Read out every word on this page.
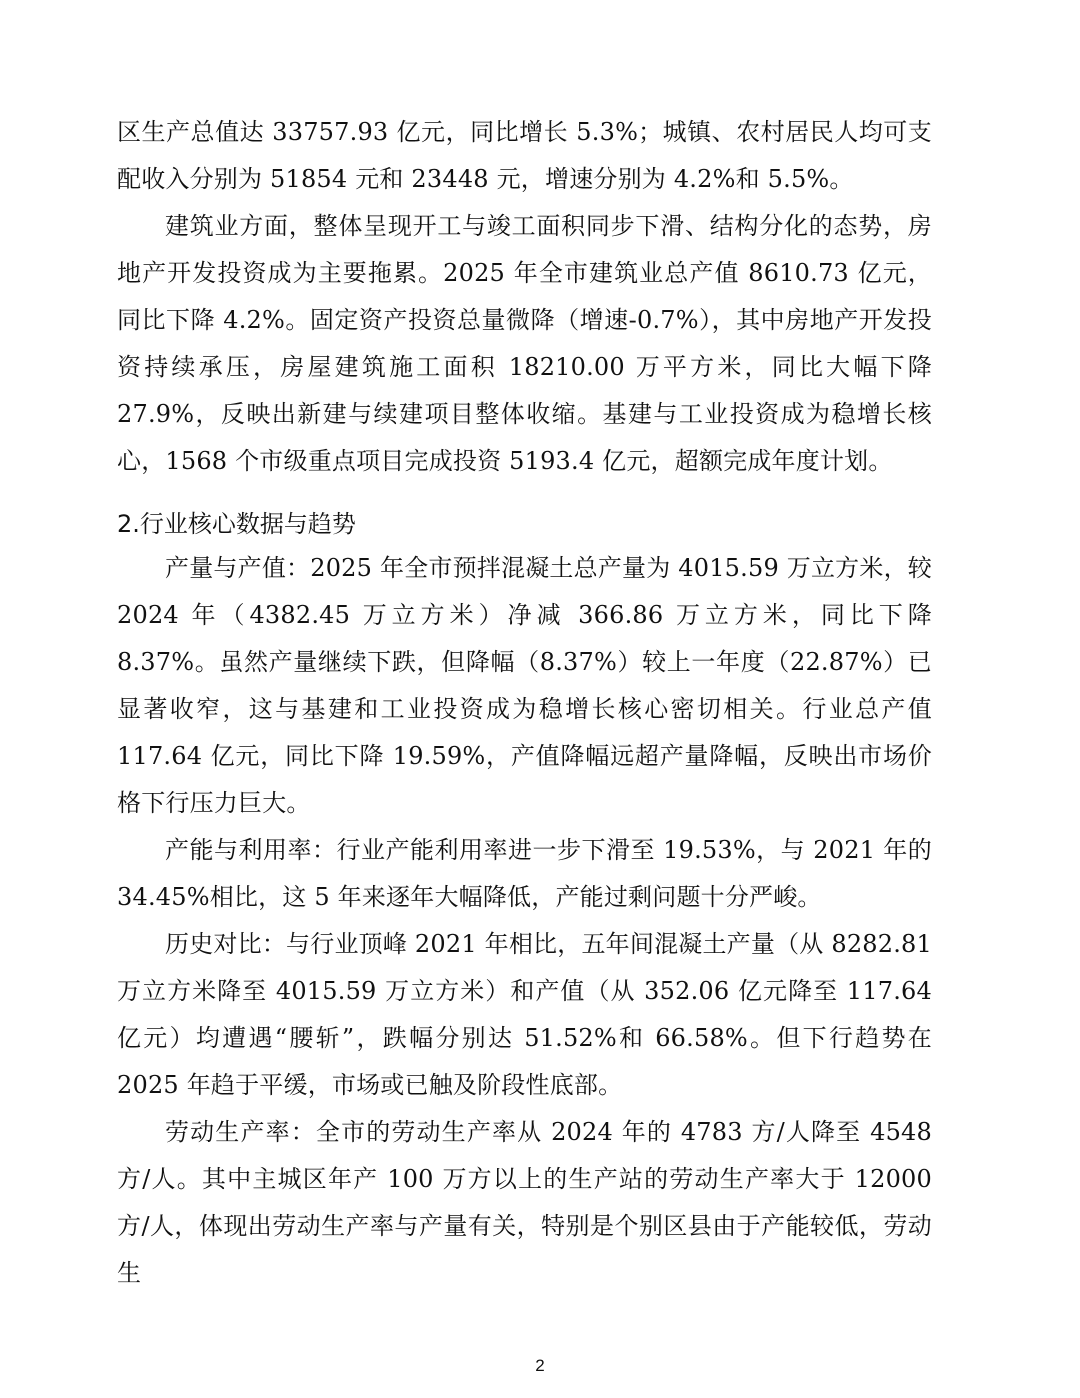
区生产总值达 33757.93 亿元，同比增长 5.3%；城镇、农村居民人均可支配收入分别为 51854 元和 23448 元，增速分别为 4.2%和 5.5%。

建筑业方面，整体呈现开工与竣工面积同步下滑、结构分化的态势，房地产开发投资成为主要拖累。2025 年全市建筑业总产值 8610.73 亿元，同比下降 4.2%。固定资产投资总量微降（增速-0.7%），其中房地产开发投资持续承压，房屋建筑施工面积 18210.00 万平方米，同比大幅下降 27.9%，反映出新建与续建项目整体收缩。基建与工业投资成为稳增长核心，1568 个市级重点项目完成投资 5193.4 亿元，超额完成年度计划。

2.行业核心数据与趋势

产量与产值：2025 年全市预拌混凝土总产量为 4015.59 万立方米，较 2024 年（4382.45 万立方米）净减 366.86 万立方米，同比下降 8.37%。虽然产量继续下跌，但降幅（8.37%）较上一年度（22.87%）已显著收窄，这与基建和工业投资成为稳增长核心密切相关。行业总产值 117.64 亿元，同比下降 19.59%，产值降幅远超产量降幅，反映出市场价格下行压力巨大。

产能与利用率：行业产能利用率进一步下滑至 19.53%，与 2021 年的 34.45%相比，这 5 年来逐年大幅降低，产能过剩问题十分严峻。

历史对比：与行业顶峰 2021 年相比，五年间混凝土产量（从 8282.81 万立方米降至 4015.59 万立方米）和产值（从 352.06 亿元降至 117.64 亿元）均遭遇“腰斩”，跌幅分别达 51.52%和 66.58%。但下行趋势在 2025 年趋于平缓，市场或已触及阶段性底部。

劳动生产率：全市的劳动生产率从 2024 年的 4783 方/人降至 4548 方/人。其中主城区年产 100 万方以上的生产站的劳动生产率大于 12000 方/人，体现出劳动生产率与产量有关，特别是个别区县由于产能较低，劳动生

2
